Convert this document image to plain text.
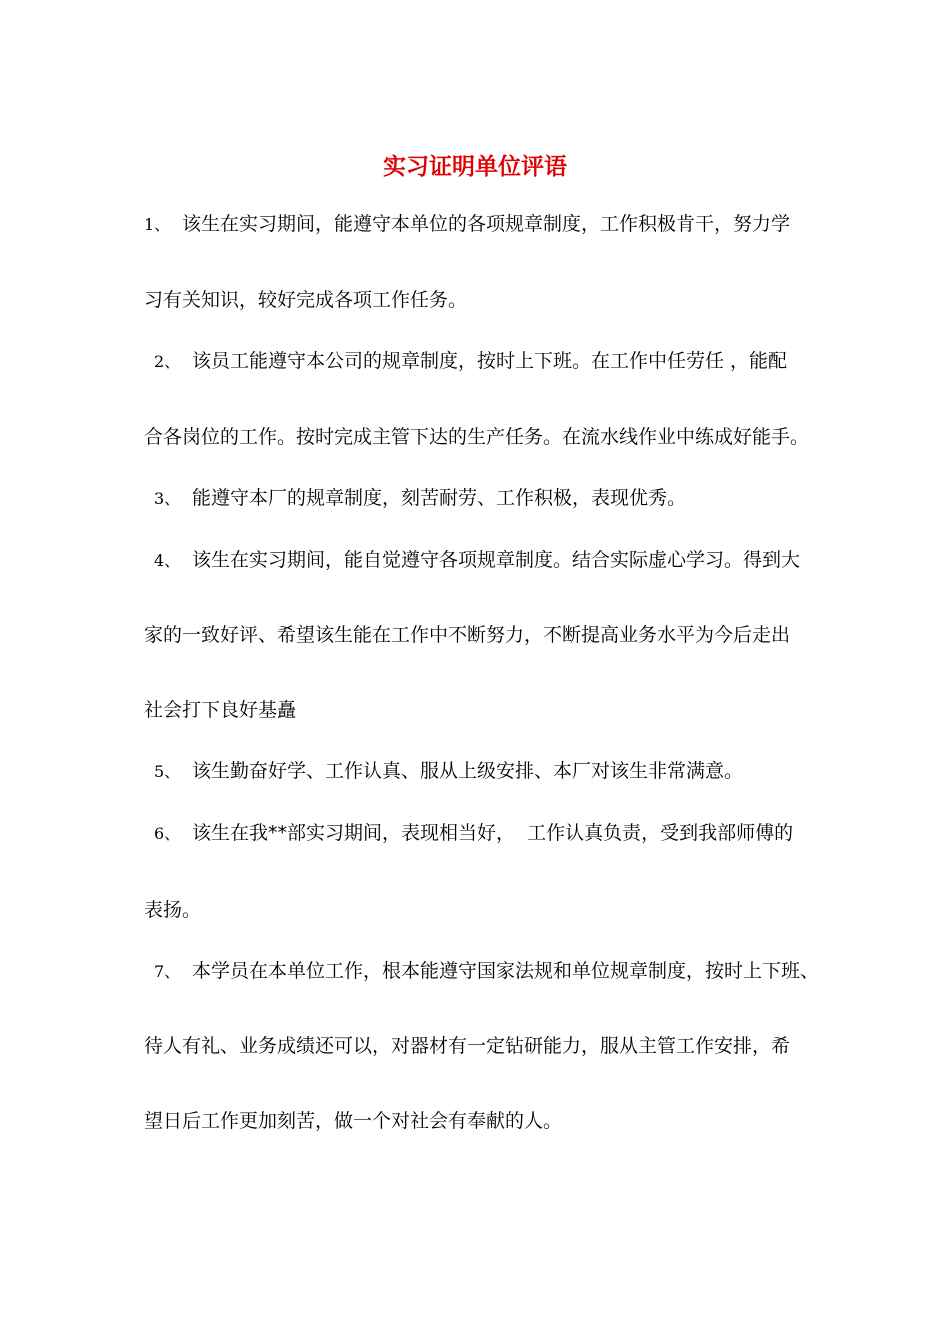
实习证明单位评语
1、 该生在实习期间，能遵守本单位的各项规章制度，工作积极肯干，努力学
习有关知识，较好完成各项工作任务。
2、 该员工能遵守本公司的规章制度，按时上下班。在工作中任劳任 ，能配
合各岗位的工作。按时完成主管下达的生产任务。在流水线作业中练成好能手。
3、 能遵守本厂的规章制度，刻苦耐劳、工作积极，表现优秀。
4、 该生在实习期间，能自觉遵守各项规章制度。结合实际虚心学习。得到大
家的一致好评、希望该生能在工作中不断努力，不断提高业务水平为今后走出
社会打下良好基矗
5、 该生勤奋好学、工作认真、服从上级安排、本厂对该生非常满意。
6、 该生在我**部实习期间，表现相当好，  工作认真负责，受到我部师傅的
表扬。
7、 本学员在本单位工作，根本能遵守国家法规和单位规章制度，按时上下班、
待人有礼、业务成绩还可以，对器材有一定钻研能力，服从主管工作安排，希
望日后工作更加刻苦，做一个对社会有奉献的人。
